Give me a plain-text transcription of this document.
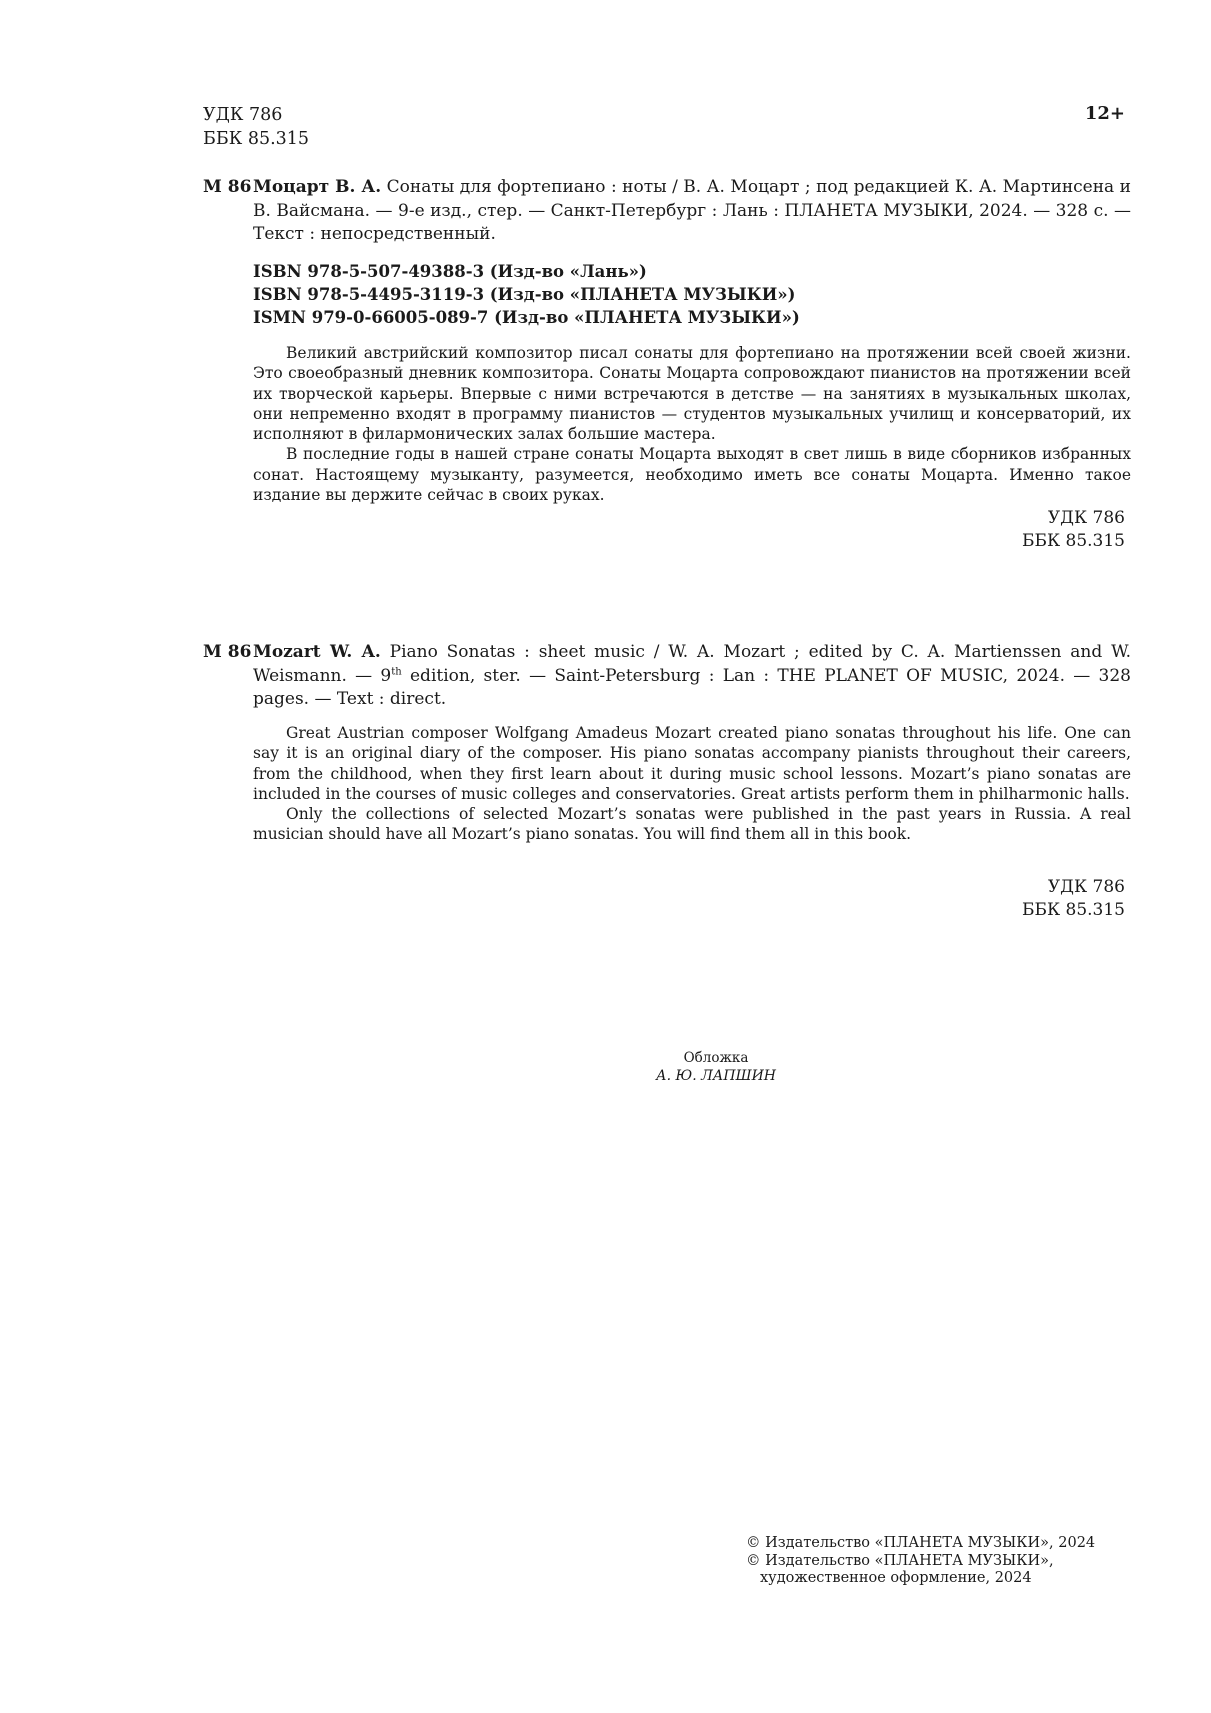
УДК 786
ББК 85.315
12+
М 86 Моцарт В. А. Сонаты для фортепиано : ноты / В. А. Моцарт ; под редакцией К. А. Мартинсена и В. Вайсмана. — 9-е изд., стер. — Санкт-Петербург : Лань : ПЛАНЕТА МУЗЫКИ, 2024. — 328 с. — Текст : непосредственный.
ISBN 978-5-507-49388-3 (Изд-во «Лань»)
ISBN 978-5-4495-3119-3 (Изд-во «ПЛАНЕТА МУЗЫКИ»)
ISMN 979-0-66005-089-7 (Изд-во «ПЛАНЕТА МУЗЫКИ»)

Великий австрийский композитор писал сонаты для фортепиано на протяжении всей своей жизни. Это своеобразный дневник композитора. Сонаты Моцарта сопровождают пианистов на протяжении всей их творческой карьеры. Впервые с ними встречаются в детстве — на занятиях в музыкальных школах, они непременно входят в программу пианистов — студентов музыкальных училищ и консерваторий, их исполняют в филармонических залах большие мастера.

В последние годы в нашей стране сонаты Моцарта выходят в свет лишь в виде сборников избранных сонат. Настоящему музыканту, разумеется, необходимо иметь все сонаты Моцарта. Именно такое издание вы держите сейчас в своих руках.

УДК 786
ББК 85.315
M 86 Mozart W. A. Piano Sonatas : sheet music / W. A. Mozart ; edited by C. A. Martienssen and W. Weismann. — 9th edition, ster. — Saint-Petersburg : Lan : THE PLANET OF MUSIC, 2024. — 328 pages. — Text : direct.

Great Austrian composer Wolfgang Amadeus Mozart created piano sonatas throughout his life. One can say it is an original diary of the composer. His piano sonatas accompany pianists throughout their careers, from the childhood, when they first learn about it during music school lessons. Mozart’s piano sonatas are included in the courses of music colleges and conservatories. Great artists perform them in philharmonic halls.

Only the collections of selected Mozart’s sonatas were published in the past years in Russia. A real musician should have all Mozart’s piano sonatas. You will find them all in this book.

УДК 786
ББК 85.315
Обложка
А. Ю. ЛАПШИН
© Издательство «ПЛАНЕТА МУЗЫКИ», 2024
© Издательство «ПЛАНЕТА МУЗЫКИ»,
художественное оформление, 2024
